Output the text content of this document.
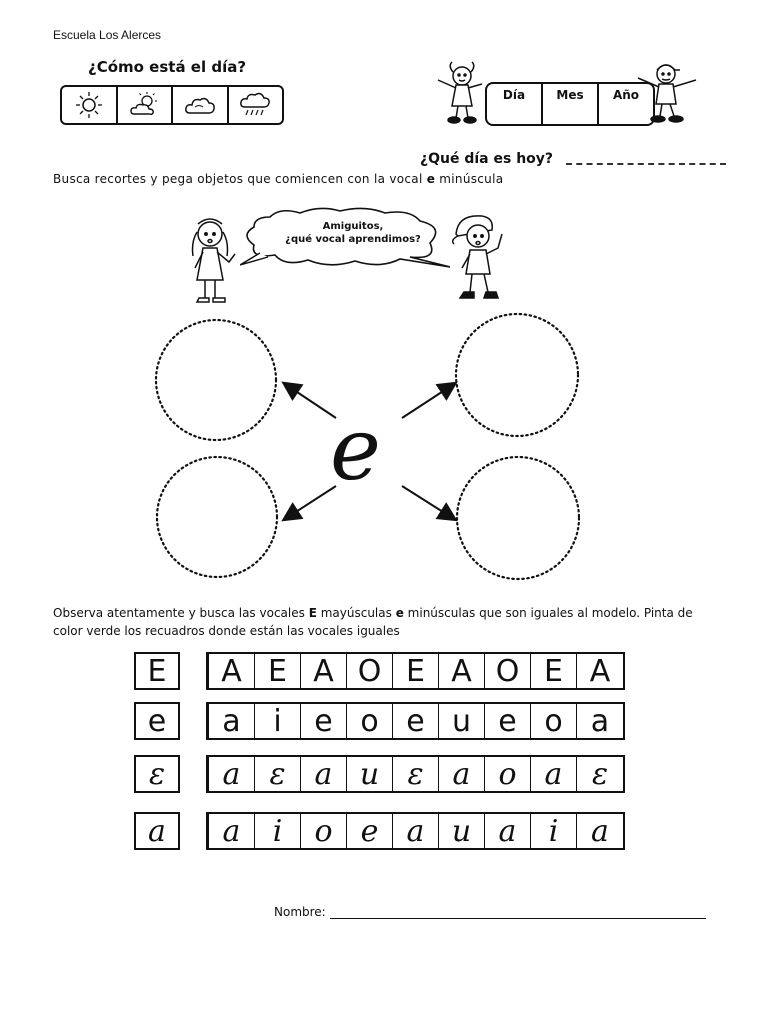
Escuela Los Alerces
¿Cómo está el día?
Día	Mes	Año
¿Qué día es hoy?
Busca recortes y pega objetos que comiencen con la vocal e minúscula
Amiguitos,
¿qué vocal aprendimos?
e
Observa atentamente y busca las vocales E mayúsculas e minúsculas que son iguales al modelo. Pinta de color verde los recuadros donde están las vocales iguales
E	A E A O E A O E A
e	a	i	e o e u e o a
ε	a ε a u ε a o a ε
a	a	i	o e a u a	i	a
Nombre:
